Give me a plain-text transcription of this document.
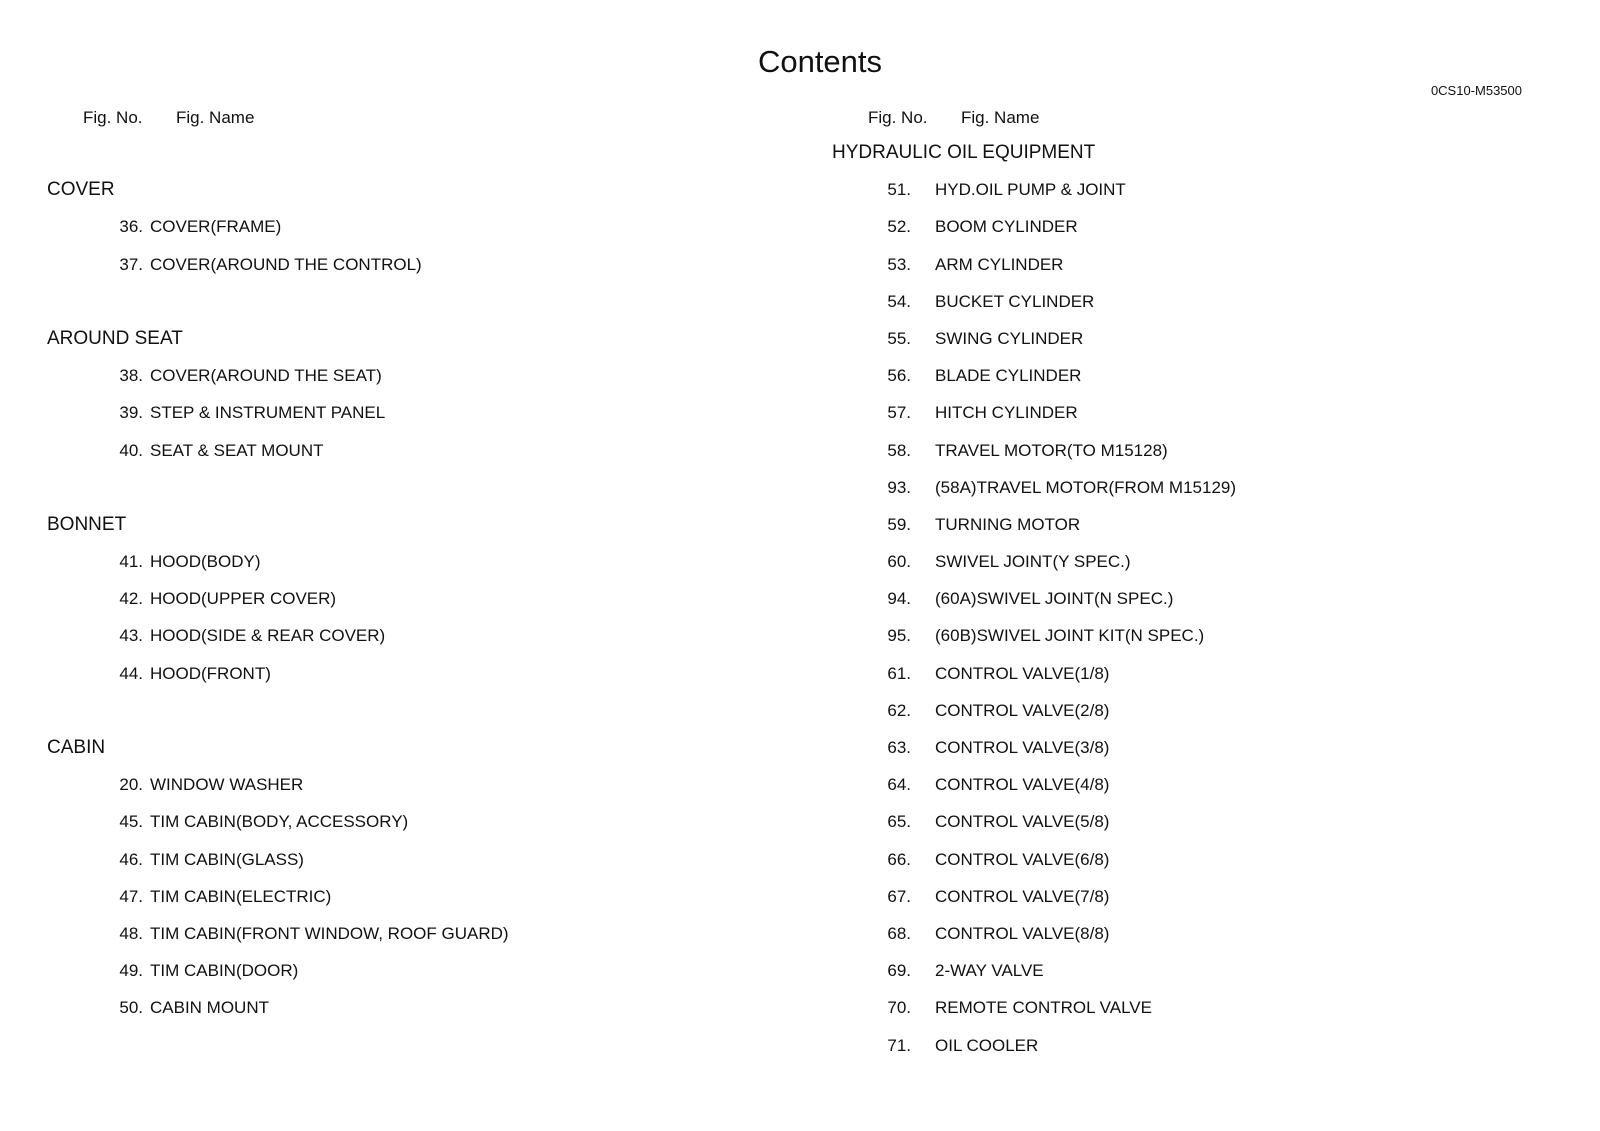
Contents
0CS10-M53500
Fig. No. Fig. Name
COVER
36. COVER(FRAME)
37. COVER(AROUND THE CONTROL)
AROUND SEAT
38. COVER(AROUND THE SEAT)
39. STEP & INSTRUMENT PANEL
40. SEAT & SEAT MOUNT
BONNET
41. HOOD(BODY)
42. HOOD(UPPER COVER)
43. HOOD(SIDE & REAR COVER)
44. HOOD(FRONT)
CABIN
20. WINDOW WASHER
45. TIM CABIN(BODY, ACCESSORY)
46. TIM CABIN(GLASS)
47. TIM CABIN(ELECTRIC)
48. TIM CABIN(FRONT WINDOW, ROOF GUARD)
49. TIM CABIN(DOOR)
50. CABIN MOUNT
Fig. No. Fig. Name
HYDRAULIC OIL EQUIPMENT
51. HYD.OIL PUMP & JOINT
52. BOOM CYLINDER
53. ARM CYLINDER
54. BUCKET CYLINDER
55. SWING CYLINDER
56. BLADE CYLINDER
57. HITCH CYLINDER
58. TRAVEL MOTOR(TO M15128)
93. (58A)TRAVEL MOTOR(FROM M15129)
59. TURNING MOTOR
60. SWIVEL JOINT(Y SPEC.)
94. (60A)SWIVEL JOINT(N SPEC.)
95. (60B)SWIVEL JOINT KIT(N SPEC.)
61. CONTROL VALVE(1/8)
62. CONTROL VALVE(2/8)
63. CONTROL VALVE(3/8)
64. CONTROL VALVE(4/8)
65. CONTROL VALVE(5/8)
66. CONTROL VALVE(6/8)
67. CONTROL VALVE(7/8)
68. CONTROL VALVE(8/8)
69. 2-WAY VALVE
70. REMOTE CONTROL VALVE
71. OIL COOLER
